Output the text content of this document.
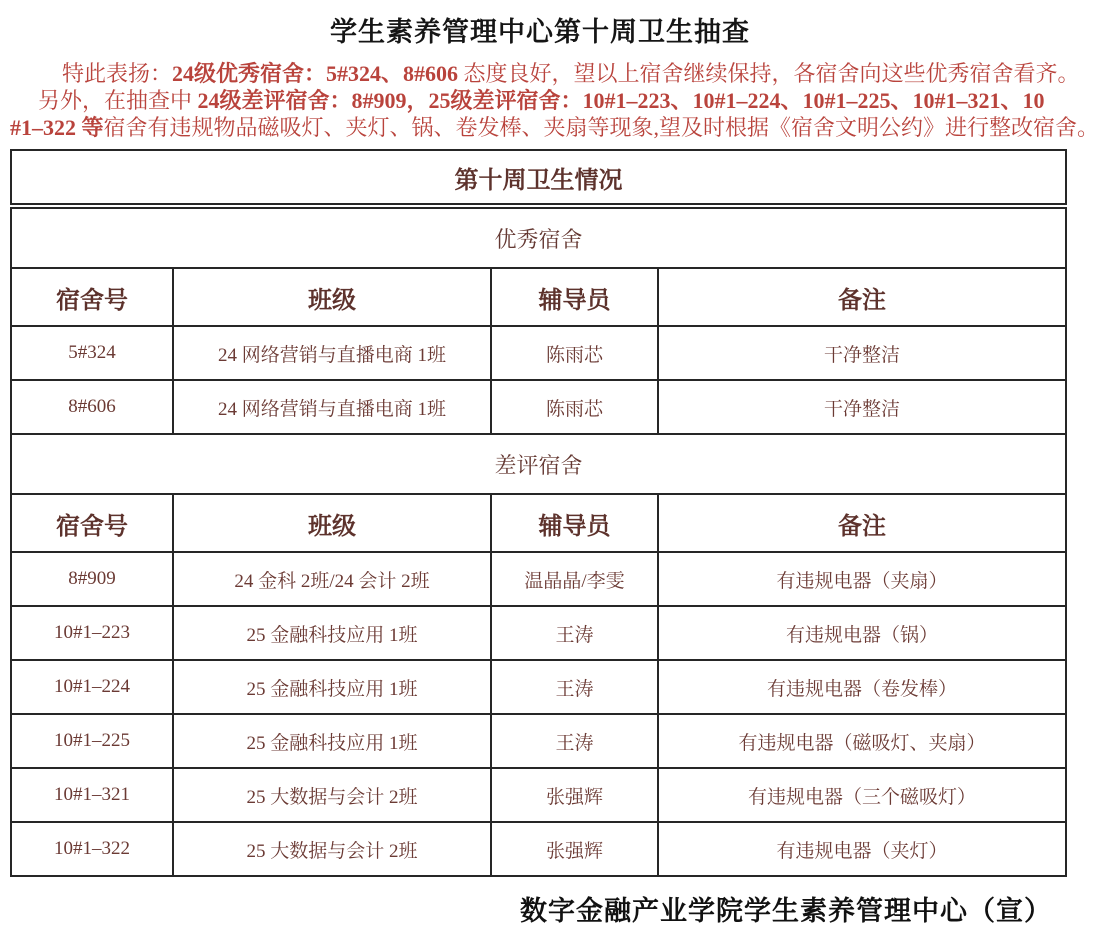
学生素养管理中心第十周卫生抽查
特此表扬：24级优秀宿舍：5#324、8#606 态度良好，望以上宿舍继续保持，各宿舍向这些优秀宿舍看齐。
另外，在抽查中 24级差评宿舍：8#909，25级差评宿舍：10#1–223、10#1–224、10#1–225、10#1–321、10
#1–322 等宿舍有违规物品磁吸灯、夹灯、锅、卷发棒、夹扇等现象,望及时根据《宿舍文明公约》进行整改宿舍。
第十周卫生情况			
优秀宿舍			
宿舍号	班级	辅导员	备注
5#324	24 网络营销与直播电商 1班	陈雨芯	干净整洁
8#606	24 网络营销与直播电商 1班	陈雨芯	干净整洁
差评宿舍			
宿舍号	班级	辅导员	备注
8#909	24 金科 2班/24 会计 2班	温晶晶/李雯	有违规电器（夹扇）
10#1–223	25 金融科技应用 1班	王涛	有违规电器（锅）
10#1–224	25 金融科技应用 1班	王涛	有违规电器（卷发棒）
10#1–225	25 金融科技应用 1班	王涛	有违规电器（磁吸灯、夹扇）
10#1–321	25 大数据与会计 2班	张强辉	有违规电器（三个磁吸灯）
10#1–322	25 大数据与会计 2班	张强辉	有违规电器（夹灯）
数字金融产业学院学生素养管理中心（宣）
